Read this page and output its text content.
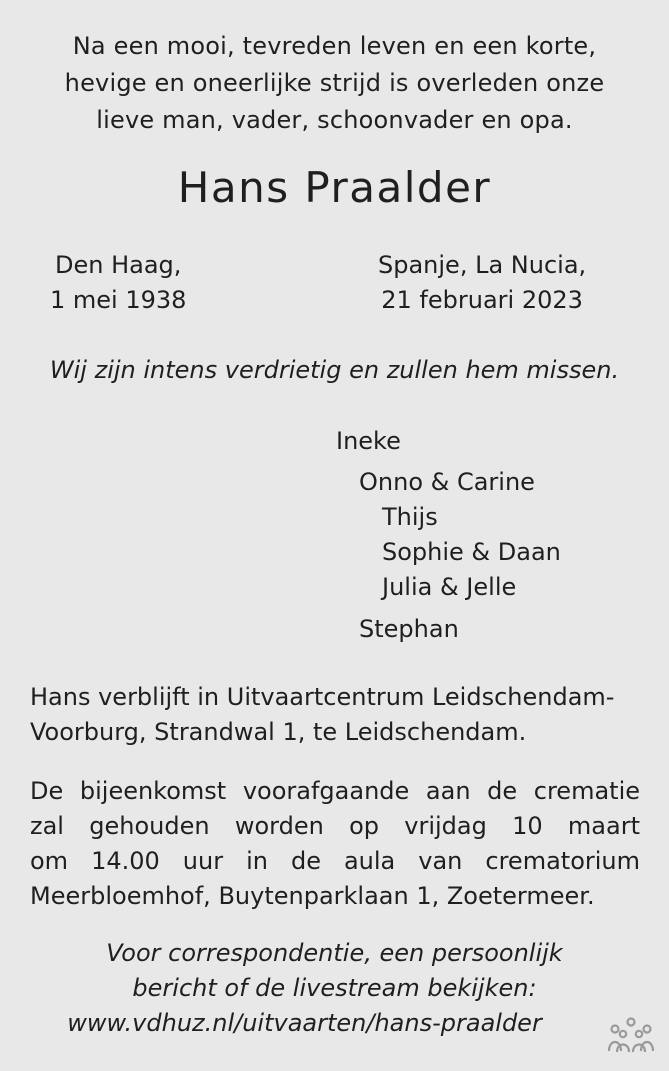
Na een mooi, tevreden leven en een korte,
hevige en oneerlijke strijd is overleden onze
lieve man, vader, schoonvader en opa.
Hans Praalder
Den Haag,
1 mei 1938
Spanje, La Nucia,
21 februari 2023
Wij zijn intens verdrietig en zullen hem missen.
Ineke
Onno & Carine
Thijs
Sophie & Daan
Julia & Jelle
Stephan
Hans verblijft in Uitvaartcentrum Leidschendam-
Voorburg, Strandwal 1, te Leidschendam.
De bijeenkomst voorafgaande aan de crematie
zal gehouden worden op vrijdag 10 maart
om 14.00 uur in de aula van crematorium
Meerbloemhof, Buytenparklaan 1, Zoetermeer.
Voor correspondentie, een persoonlijk
bericht of de livestream bekijken:
www.vdhuz.nl/uitvaarten/hans-praalder
